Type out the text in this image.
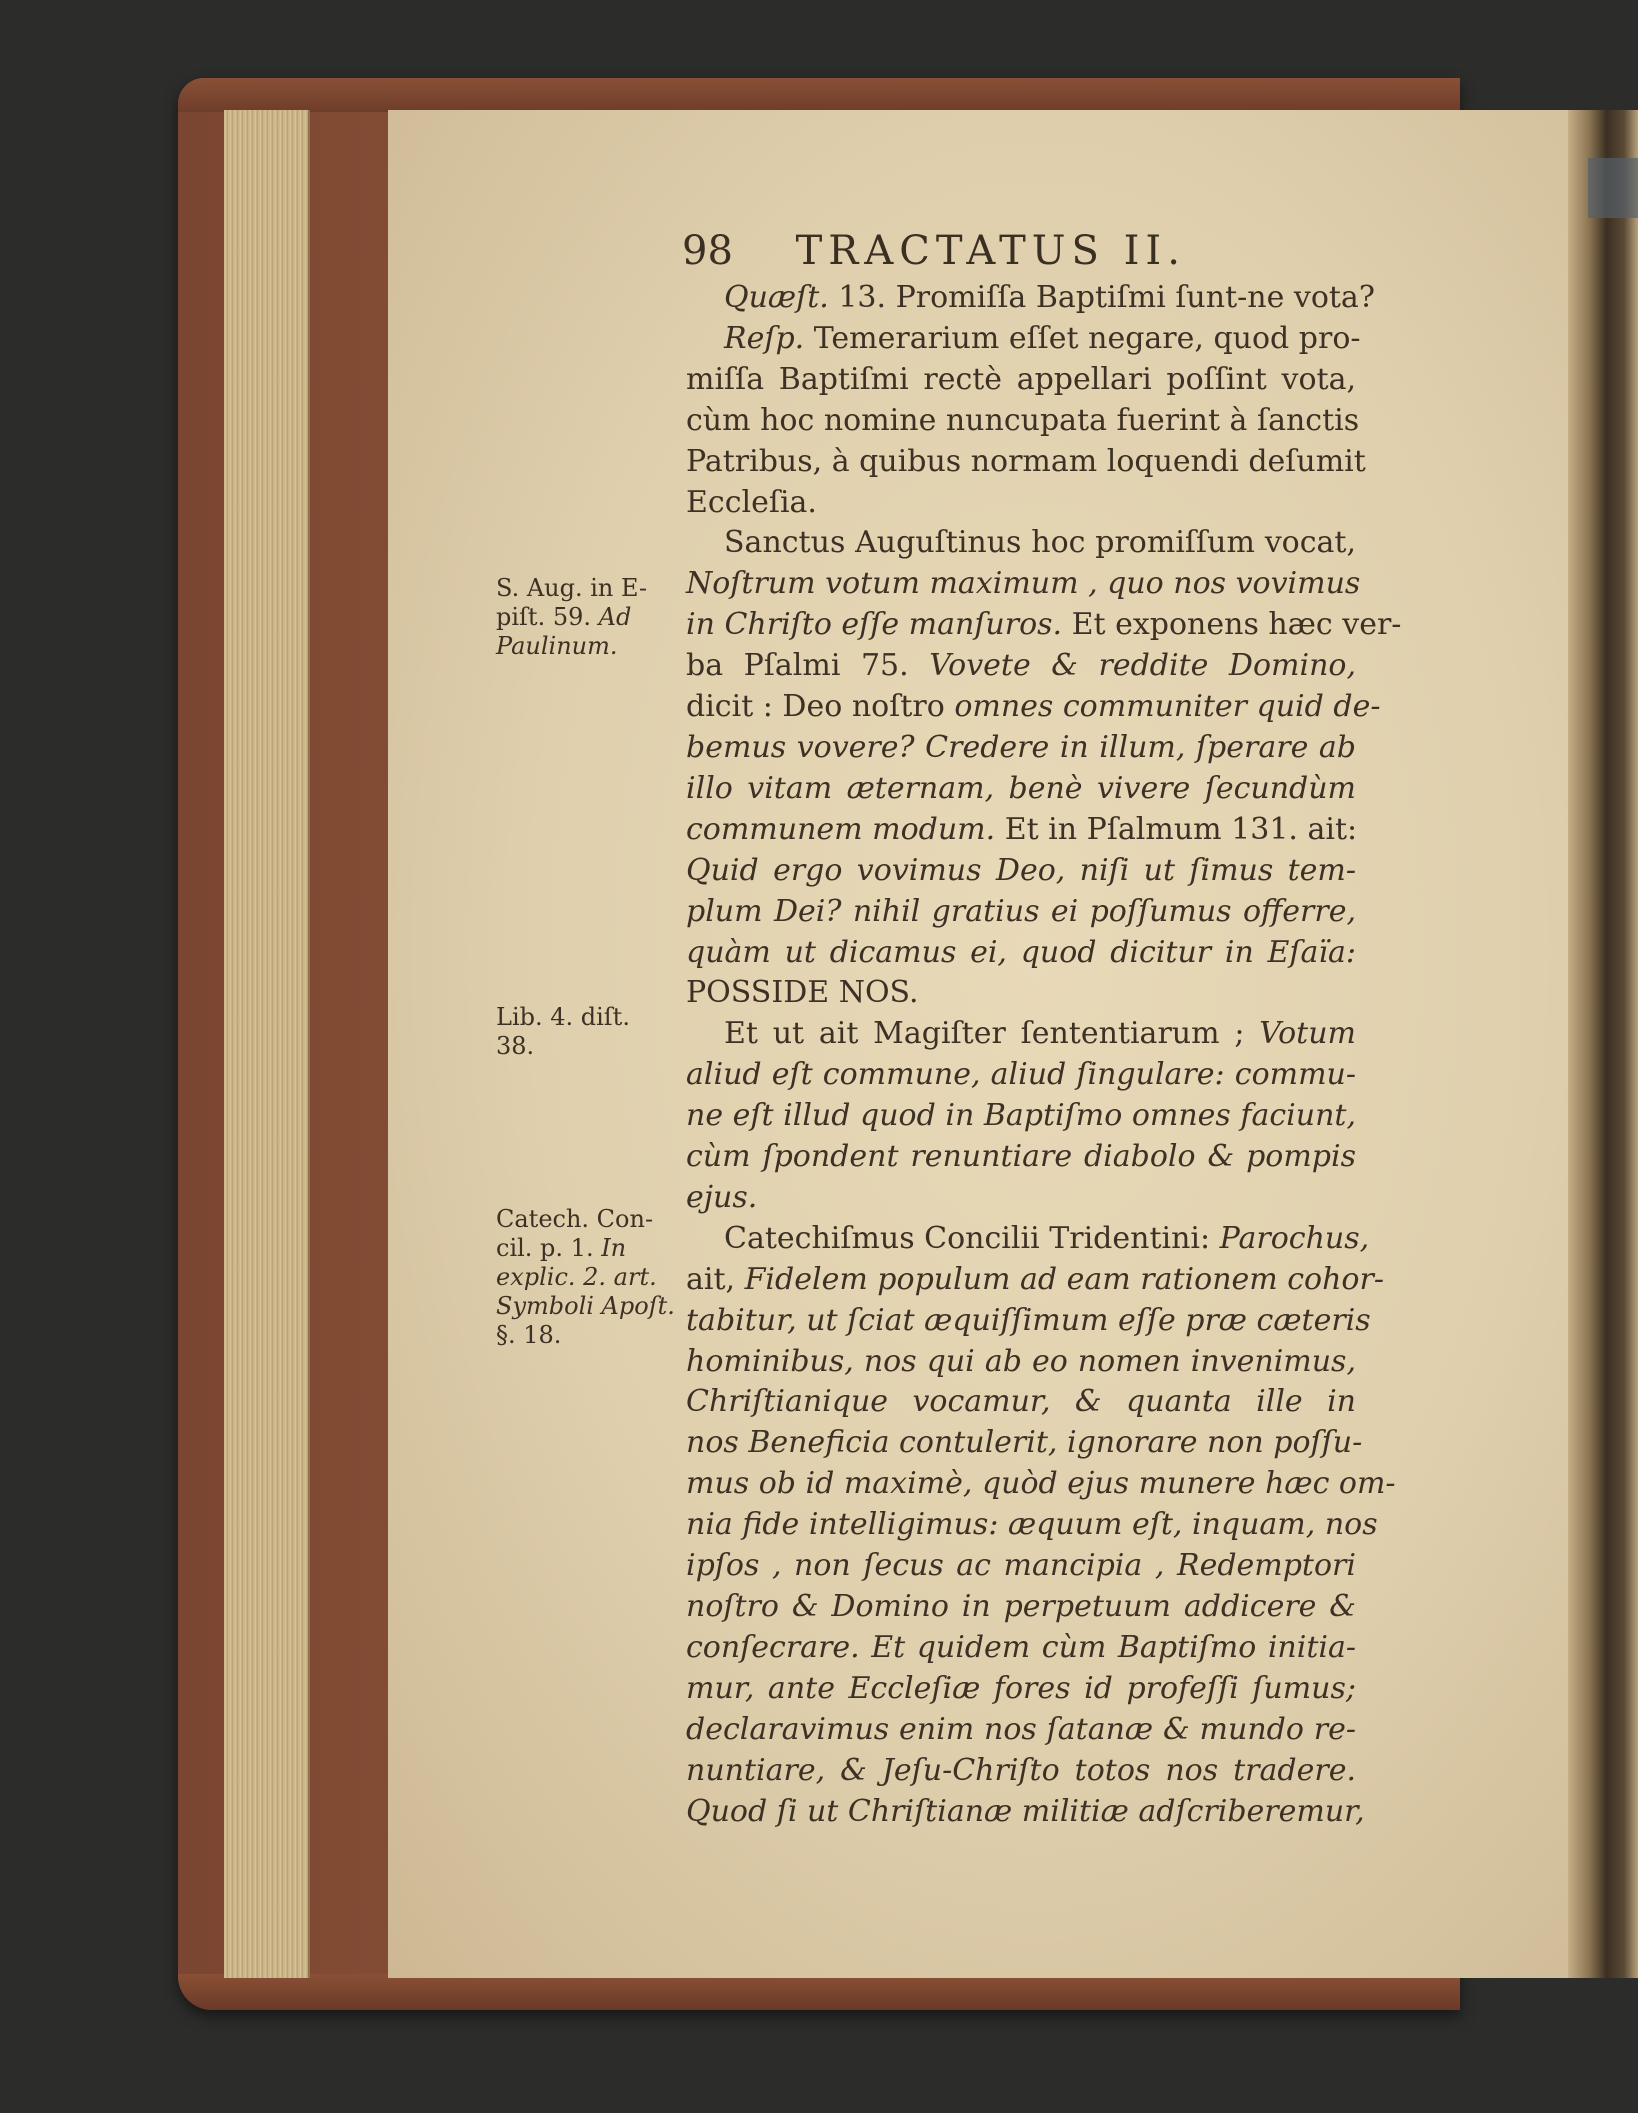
98 TRACTATUS II.
Quæſt. 13. Promiſſa Baptiſmi ſunt-ne vota?
Reſp. Temerarium eſſet negare, quod pro-
miſſa Baptiſmi rectè appellari poſſint vota,
cùm hoc nomine nuncupata fuerint à ſanctis
Patribus, à quibus normam loquendi deſumit
Eccleſia.
Sanctus Auguſtinus hoc promiſſum vocat,
Noſtrum votum maximum , quo nos vovimus
in Chriſto eſſe manſuros. Et exponens hæc ver-
ba Pſalmi 75. Vovete & reddite Domino,
dicit : Deo noſtro omnes communiter quid de-
bemus vovere? Credere in illum, ſperare ab
illo vitam æternam, benè vivere ſecundùm
communem modum. Et in Pſalmum 131. ait:
Quid ergo vovimus Deo, niſi ut ſimus tem-
plum Dei? nihil gratius ei poſſumus offerre,
quàm ut dicamus ei, quod dicitur in Eſaïa:
POSSIDE NOS.
Et ut ait Magiſter ſententiarum ; Votum
aliud eſt commune, aliud ſingulare: commu-
ne eſt illud quod in Baptiſmo omnes faciunt,
cùm ſpondent renuntiare diabolo & pompis
ejus.
Catechiſmus Concilii Tridentini: Parochus,
ait, Fidelem populum ad eam rationem cohor-
tabitur, ut ſciat æquiſſimum eſſe præ cæteris
hominibus, nos qui ab eo nomen invenimus,
Chriſtianique vocamur, & quanta ille in
nos Beneficia contulerit, ignorare non poſſu-
mus ob id maximè, quòd ejus munere hæc om-
nia fide intelligimus: æquum eſt, inquam, nos
ipſos , non ſecus ac mancipia , Redemptori
noſtro & Domino in perpetuum addicere &
conſecrare. Et quidem cùm Baptiſmo initia-
mur, ante Eccleſiæ fores id profeſſi ſumus;
declaravimus enim nos ſatanæ & mundo re-
nuntiare, & Jeſu-Chriſto totos nos tradere.
Quod ſi ut Chriſtianæ militiæ adſcriberemur,
S. Aug. in E-
piſt. 59. Ad
Paulinum.
Lib. 4. diſt.
38.
Catech. Con-
cil. p. 1. In
explic. 2. art.
Symboli Apoſt.
§. 18.
